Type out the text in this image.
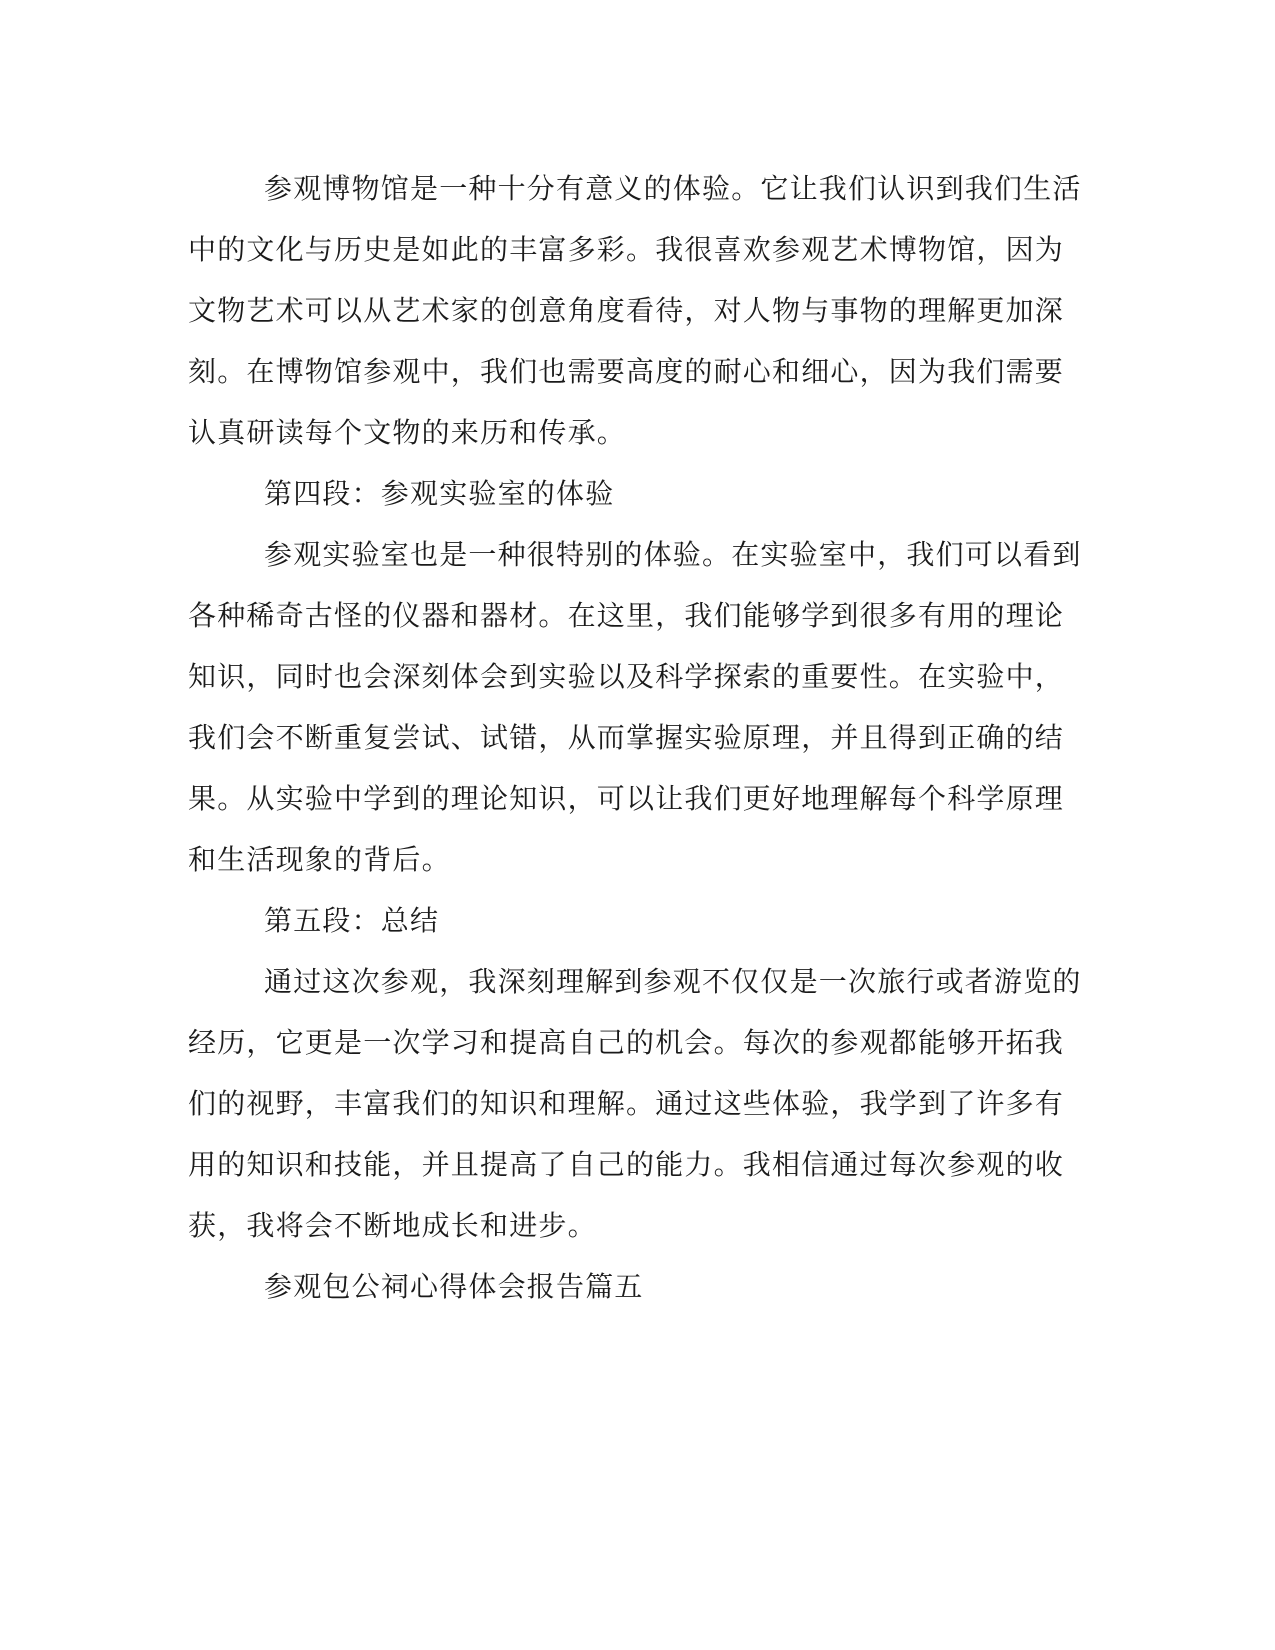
参观博物馆是一种十分有意义的体验。它让我们认识到我们生活
中的文化与历史是如此的丰富多彩。我很喜欢参观艺术博物馆，因为
文物艺术可以从艺术家的创意角度看待，对人物与事物的理解更加深
刻。在博物馆参观中，我们也需要高度的耐心和细心，因为我们需要
认真研读每个文物的来历和传承。
第四段：参观实验室的体验
参观实验室也是一种很特别的体验。在实验室中，我们可以看到
各种稀奇古怪的仪器和器材。在这里，我们能够学到很多有用的理论
知识，同时也会深刻体会到实验以及科学探索的重要性。在实验中，
我们会不断重复尝试、试错，从而掌握实验原理，并且得到正确的结
果。从实验中学到的理论知识，可以让我们更好地理解每个科学原理
和生活现象的背后。
第五段：总结
通过这次参观，我深刻理解到参观不仅仅是一次旅行或者游览的
经历，它更是一次学习和提高自己的机会。每次的参观都能够开拓我
们的视野，丰富我们的知识和理解。通过这些体验，我学到了许多有
用的知识和技能，并且提高了自己的能力。我相信通过每次参观的收
获，我将会不断地成长和进步。
参观包公祠心得体会报告篇五
